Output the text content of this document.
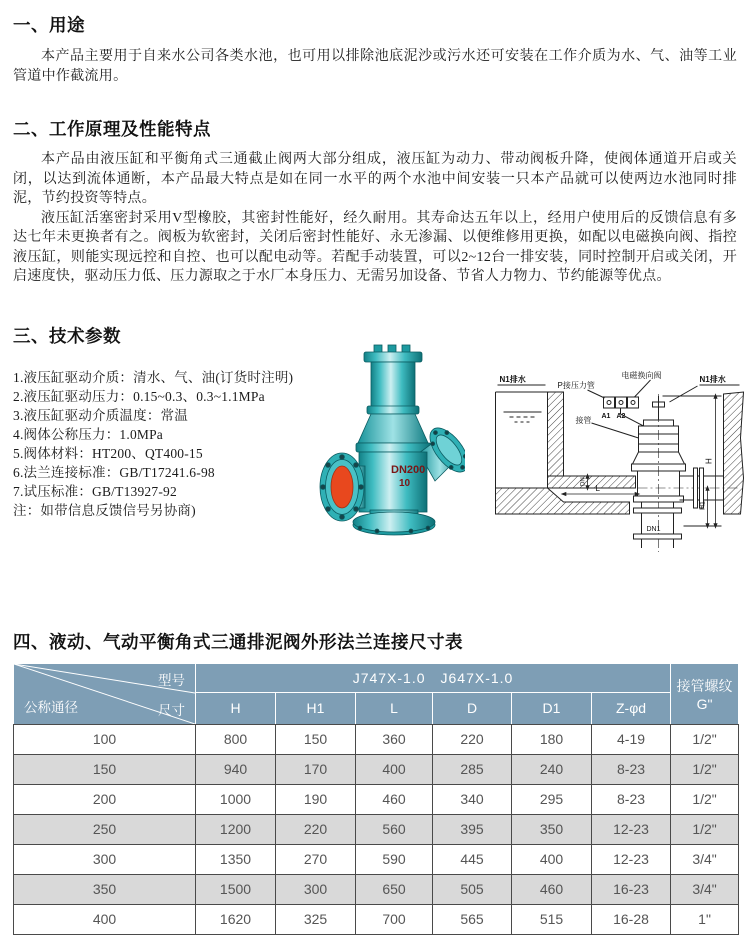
一、用途

本产品主要用于自来水公司各类水池，也可用以排除池底泥沙或污水还可安装在工作介质为水、气、油等工业管道中作截流用。

二、工作原理及性能特点

本产品由液压缸和平衡角式三通截止阀两大部分组成，液压缸为动力、带动阀板升降，使阀体通道开启或关闭，以达到流体通断，本产品最大特点是如在同一水平的两个水池中间安装一只本产品就可以使两边水池同时排泥，节约投资等特点。

液压缸活塞密封采用V型橡胶，其密封性能好，经久耐用。其寿命达五年以上，经用户使用后的反馈信息有多达七年未更换者有之。阀板为软密封，关闭后密封性能好、永无渗漏、以便维修用更换，如配以电磁换向阀、指控液压缸，则能实现远控和自控、也可以配电动等。若配手动装置，可以2~12台一排安装，同时控制开启或关闭，开启速度快，驱动压力低、压力源取之于水厂本身压力、无需另加设备、节省人力物力、节约能源等优点。

三、技术参数
1.液压缸驱动介质：清水、气、油(订货时注明)
2.液压缸驱动压力：0.15~0.3、0.3~1.1MPa
3.液压缸驱动介质温度：常温
4.阀体公称压力：1.0MPa
5.阀体材料：HT200、QT400-15
6.法兰连接标准：GB/T17241.6-98
7.试压标准：GB/T13927-92
注：如带信息反馈信号另协商)
DN200
10
N1排水
P接压力管
电磁换向阀	N1排水
A1 A2
接管
DN1
H
H1
L
DN
四、液动、气动平衡角式三通排泥阀外形法兰连接尺寸表
型号
尺寸
公称通径	J747X-1.0　J647X-1.0						接管螺纹G"
	H	H1	L	D	D1	Z-φd	
100	800	150	360	220	180	4-19	1/2"
150	940	170	400	285	240	8-23	1/2"
200	1000	190	460	340	295	8-23	1/2"
250	1200	220	560	395	350	12-23	1/2"
300	1350	270	590	445	400	12-23	3/4"
350	1500	300	650	505	460	16-23	3/4"
400	1620	325	700	565	515	16-28	1"
